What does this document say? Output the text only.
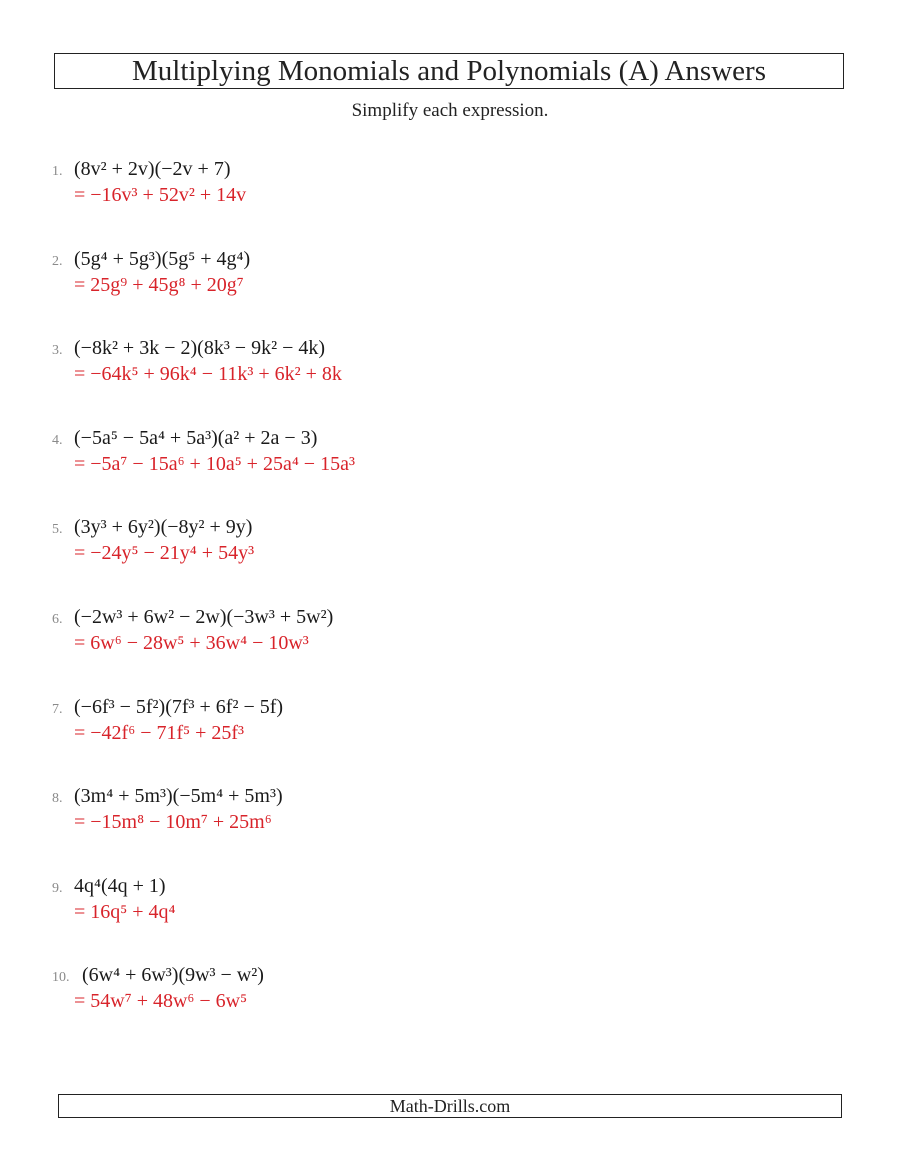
Multiplying Monomials and Polynomials (A) Answers
Simplify each expression.
1. (8v² + 2v)(−2v + 7)
= −16v³ + 52v² + 14v
2. (5g⁴ + 5g³)(5g⁵ + 4g⁴)
= 25g⁹ + 45g⁸ + 20g⁷
3. (−8k² + 3k − 2)(8k³ − 9k² − 4k)
= −64k⁵ + 96k⁴ − 11k³ + 6k² + 8k
4. (−5a⁵ − 5a⁴ + 5a³)(a² + 2a − 3)
= −5a⁷ − 15a⁶ + 10a⁵ + 25a⁴ − 15a³
5. (3y³ + 6y²)(−8y² + 9y)
= −24y⁵ − 21y⁴ + 54y³
6. (−2w³ + 6w² − 2w)(−3w³ + 5w²)
= 6w⁶ − 28w⁵ + 36w⁴ − 10w³
7. (−6f³ − 5f²)(7f³ + 6f² − 5f)
= −42f⁶ − 71f⁵ + 25f³
8. (3m⁴ + 5m³)(−5m⁴ + 5m³)
= −15m⁸ − 10m⁷ + 25m⁶
9. 4q⁴(4q + 1)
= 16q⁵ + 4q⁴
10. (6w⁴ + 6w³)(9w³ − w²)
= 54w⁷ + 48w⁶ − 6w⁵
Math-Drills.com
